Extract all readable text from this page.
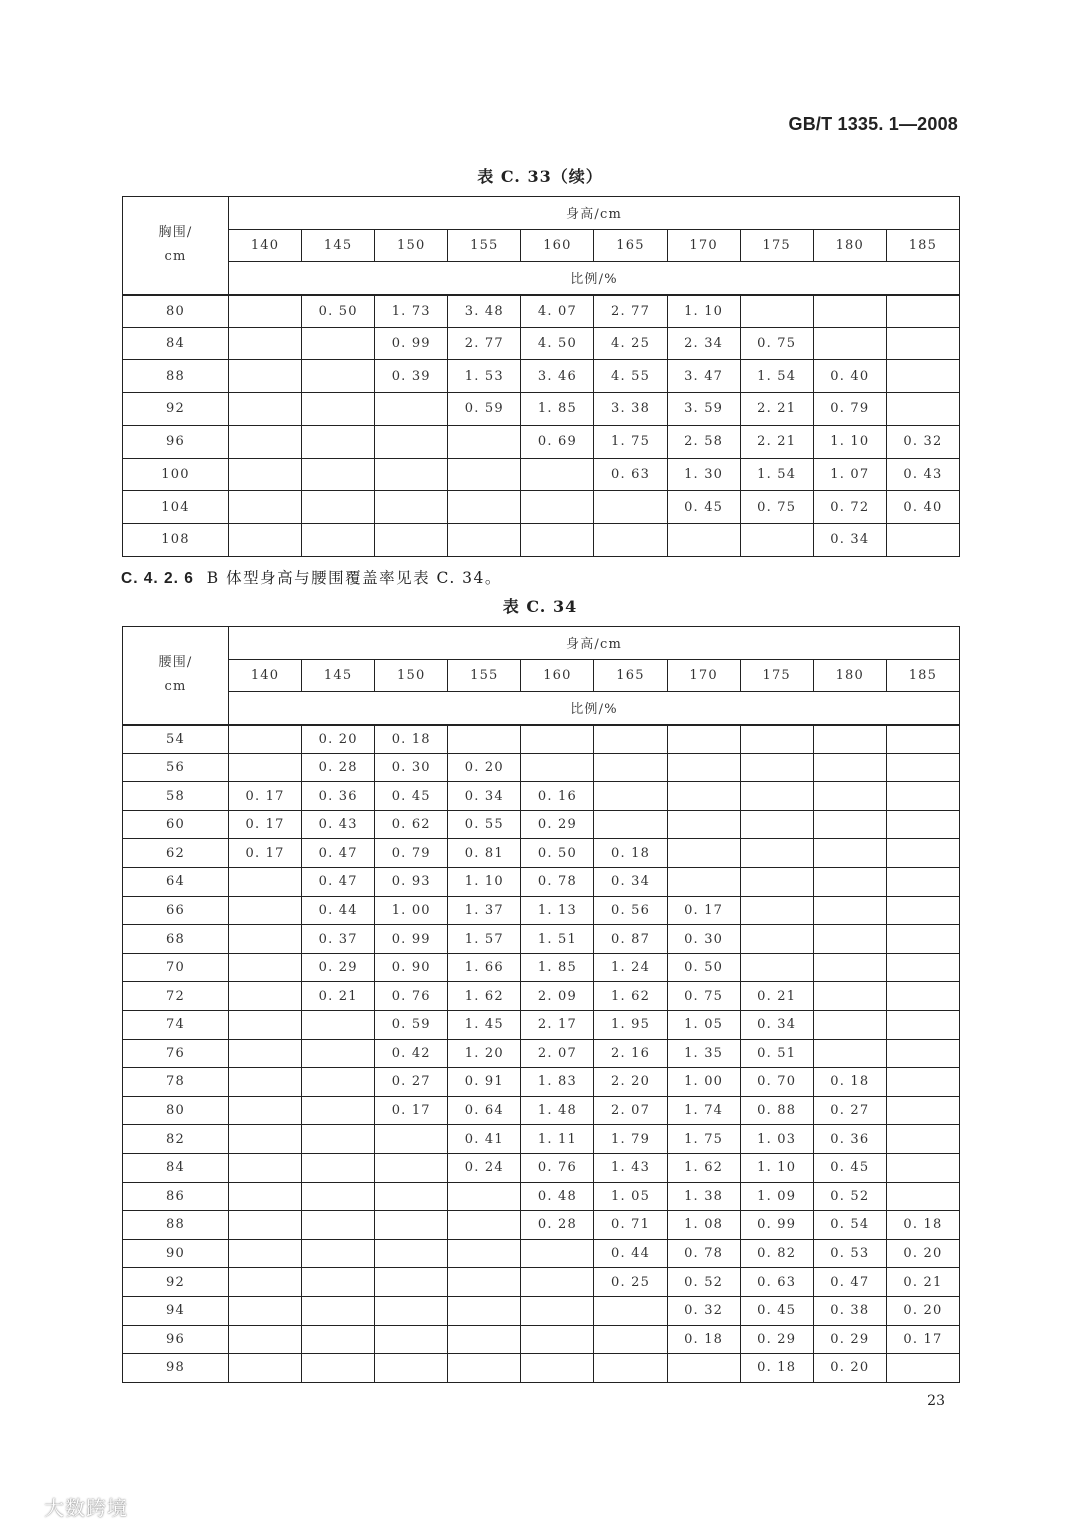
GB/T 1335. 1—2008
表 C. 33（续）
胸围/
cm	身高/cm									
	140	145	150	155	160	165	170	175	180	185
	比例/%									
80		0. 50	1. 73	3. 48	4. 07	2. 77	1. 10			
84			0. 99	2. 77	4. 50	4. 25	2. 34	0. 75		
88			0. 39	1. 53	3. 46	4. 55	3. 47	1. 54	0. 40	
92				0. 59	1. 85	3. 38	3. 59	2. 21	0. 79	
96					0. 69	1. 75	2. 58	2. 21	1. 10	0. 32
100						0. 63	1. 30	1. 54	1. 07	0. 43
104							0. 45	0. 75	0. 72	0. 40
108									0. 34	
C. 4. 2. 6 B 体型身高与腰围覆盖率见表 C. 34。
表 C. 34
腰围/
cm	身高/cm									
	140	145	150	155	160	165	170	175	180	185
	比例/%									
54		0. 20	0. 18							
56		0. 28	0. 30	0. 20						
58	0. 17	0. 36	0. 45	0. 34	0. 16					
60	0. 17	0. 43	0. 62	0. 55	0. 29					
62	0. 17	0. 47	0. 79	0. 81	0. 50	0. 18				
64		0. 47	0. 93	1. 10	0. 78	0. 34				
66		0. 44	1. 00	1. 37	1. 13	0. 56	0. 17			
68		0. 37	0. 99	1. 57	1. 51	0. 87	0. 30			
70		0. 29	0. 90	1. 66	1. 85	1. 24	0. 50			
72		0. 21	0. 76	1. 62	2. 09	1. 62	0. 75	0. 21		
74			0. 59	1. 45	2. 17	1. 95	1. 05	0. 34		
76			0. 42	1. 20	2. 07	2. 16	1. 35	0. 51		
78			0. 27	0. 91	1. 83	2. 20	1. 00	0. 70	0. 18	
80			0. 17	0. 64	1. 48	2. 07	1. 74	0. 88	0. 27	
82				0. 41	1. 11	1. 79	1. 75	1. 03	0. 36	
84				0. 24	0. 76	1. 43	1. 62	1. 10	0. 45	
86					0. 48	1. 05	1. 38	1. 09	0. 52	
88					0. 28	0. 71	1. 08	0. 99	0. 54	0. 18
90						0. 44	0. 78	0. 82	0. 53	0. 20
92						0. 25	0. 52	0. 63	0. 47	0. 21
94							0. 32	0. 45	0. 38	0. 20
96							0. 18	0. 29	0. 29	0. 17
98								0. 18	0. 20	
23
大数跨境
